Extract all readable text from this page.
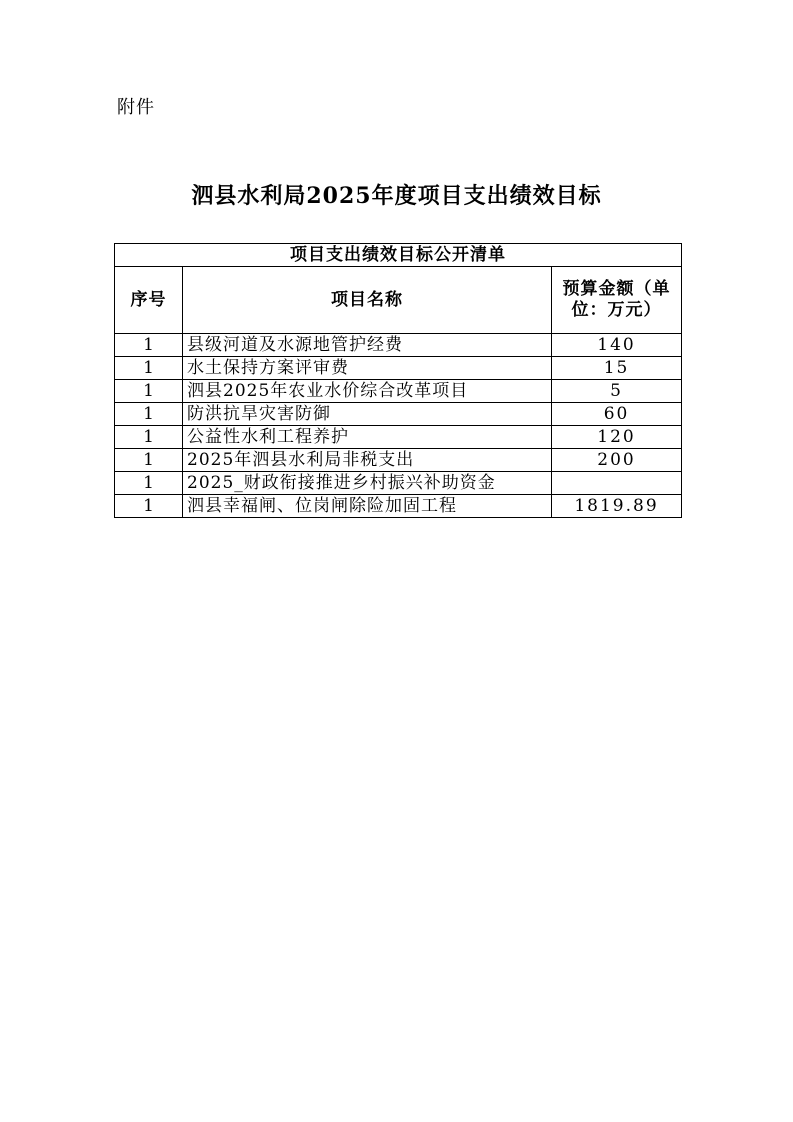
附件
泗县水利局2025年度项目支出绩效目标
项目支出绩效目标公开清单		
序号	项目名称	预算金额（单位：万元）

1	县级河道及水源地管护经费	140
1	水土保持方案评审费	15
1	泗县2025年农业水价综合改革项目	5
1	防洪抗旱灾害防御	60
1	公益性水利工程养护	120
1	2025年泗县水利局非税支出	200
1	2025_财政衔接推进乡村振兴补助资金	
1	泗县幸福闸、位岗闸除险加固工程	1819.89
